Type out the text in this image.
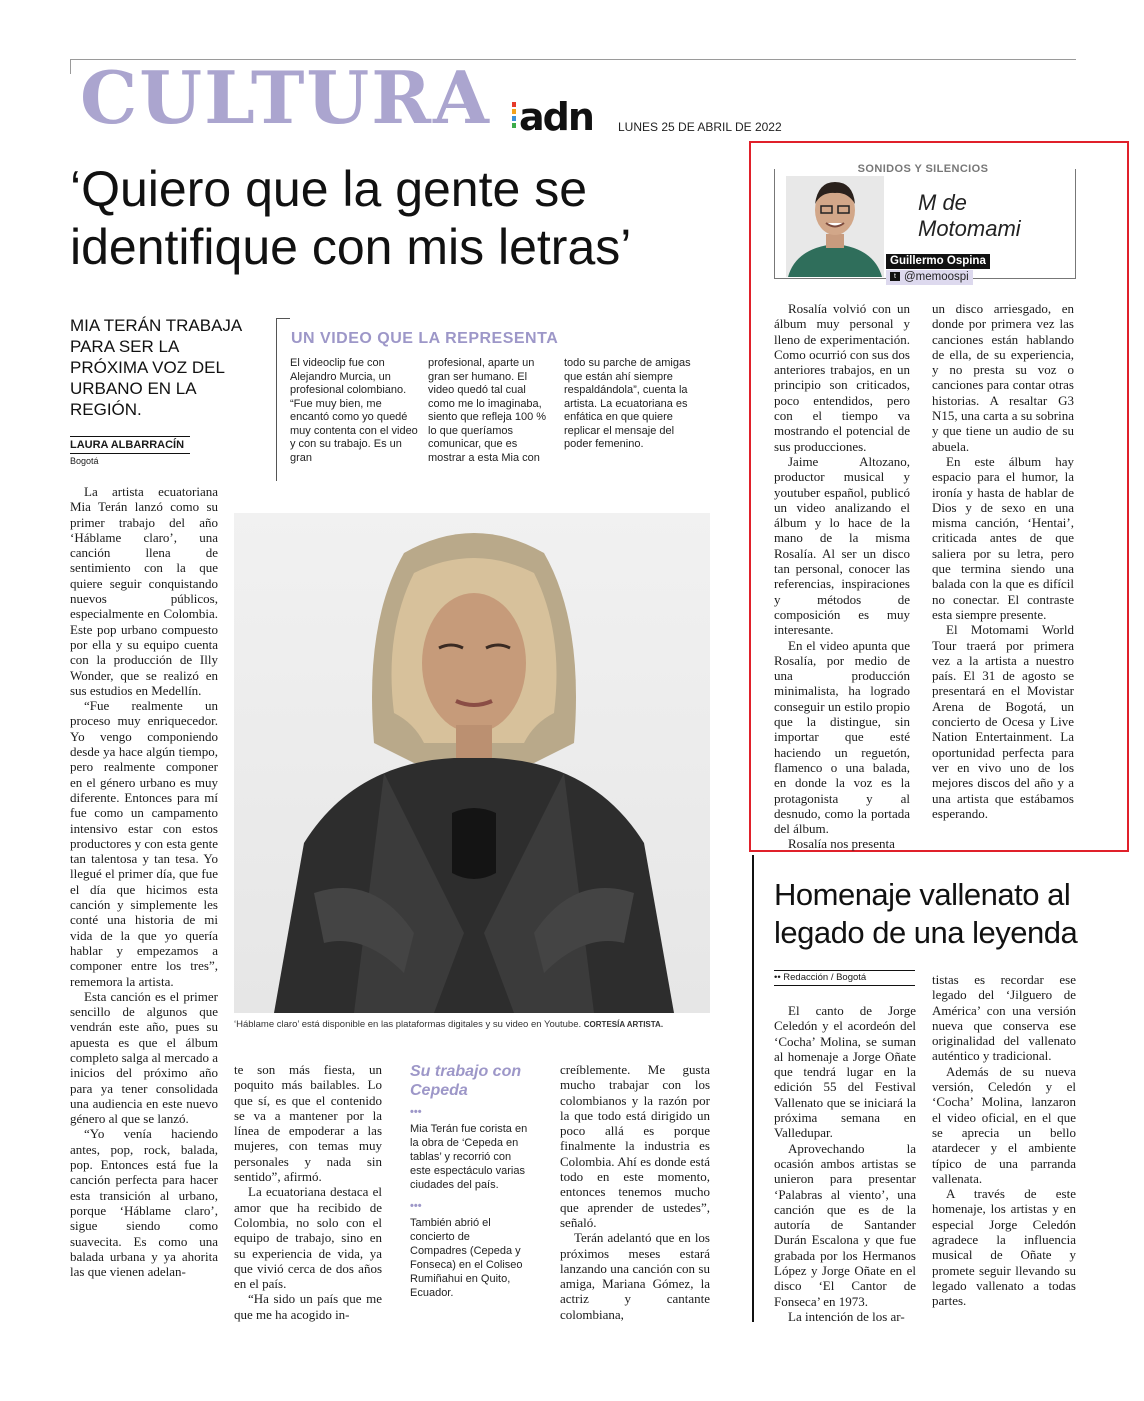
CULTURA adn LUNES 25 DE ABRIL DE 2022
‘Quiero que la gente se identifique con mis letras’
MIA TERÁN TRABAJA PARA SER LA PRÓXIMA VOZ DEL URBANO EN LA REGIÓN.
LAURA ALBARRACÍN
Bogotá
UN VIDEO QUE LA REPRESENTA
El videoclip fue con Alejandro Murcia, un profesional colombiano. “Fue muy bien, me encantó como yo quedé muy contenta con el video y con su trabajo. Es un gran
profesional, aparte un gran ser humano. El video quedó tal cual como me lo imaginaba, siento que refleja 100 % lo que queríamos comunicar, que es mostrar a esta Mia con
todo su parche de amigas que están ahí siempre respaldándola”, cuenta la artista. La ecuatoriana es enfática en que quiere replicar el mensaje del poder femenino.

La artista ecuatoriana Mia Terán lanzó como su primer trabajo del año ‘Háblame claro’, una canción llena de sentimiento con la que quiere seguir conquistando nuevos públicos, especialmente en Colombia. Este pop urbano compuesto por ella y su equipo cuenta con la producción de Illy Wonder, que se realizó en sus estudios en Medellín.

“Fue realmente un proceso muy enriquecedor. Yo vengo componiendo desde ya hace algún tiempo, pero realmente componer en el género urbano es muy diferente. Entonces para mí fue como un campamento intensivo estar con estos productores y con esta gente tan talentosa y tan tesa. Yo llegué el primer día, que fue el día que hicimos esta canción y simplemente les conté una historia de mi vida de la que yo quería hablar y empezamos a componer entre los tres”, rememora la artista.

Esta canción es el primer sencillo de algunos que vendrán este año, pues su apuesta es que el álbum completo salga al mercado a inicios del próximo año para ya tener consolidada una audiencia en este nuevo género al que se lanzó.

“Yo venía haciendo antes, pop, rock, balada, pop. Entonces está fue la canción perfecta para hacer esta transición al urbano, porque ‘Háblame claro’, sigue siendo como suavecita. Es como una balada urbana y ya ahorita las que vienen adelan-

‘Háblame claro’ está disponible en las plataformas digitales y su video en Youtube. CORTESÍA ARTISTA.

te son más fiesta, un poquito más bailables. Lo que sí, es que el contenido se va a mantener por la línea de empoderar a las mujeres, con temas muy personales y nada sin sentido”, afirmó.

La ecuatoriana destaca el amor que ha recibido de Colombia, no solo con el equipo de trabajo, sino en su experiencia de vida, ya que vivió cerca de dos años en el país.

“Ha sido un país que me que me ha acogido in-

Su trabajo con Cepeda
•••
Mia Terán fue corista en la obra de ‘Cepeda en tablas’ y recorrió con este espectáculo varias ciudades del país.
•••
También abrió el concierto de Compadres (Cepeda y Fonseca) en el Coliseo Rumiñahui en Quito, Ecuador.

creíblemente. Me gusta mucho trabajar con los colombianos y la razón por la que todo está dirigido un poco allá es porque finalmente la industria es Colombia. Ahí es donde está todo en este momento, entonces tenemos mucho que aprender de ustedes”, señaló.

Terán adelantó que en los próximos meses estará lanzando una canción con su amiga, Mariana Gómez, la actriz y cantante colombiana,

SONIDOS Y SILENCIOS
M de
Motomami
Guillermo Ospina
t @memoospi

Rosalía volvió con un álbum muy personal y lleno de experimentación. Como ocurrió con sus dos anteriores trabajos, en un principio son criticados, poco entendidos, pero con el tiempo va mostrando el potencial de sus producciones.

Jaime Altozano, productor musical y youtuber español, publicó un video analizando el álbum y lo hace de la mano de la misma Rosalía. Al ser un disco tan personal, conocer las referencias, inspiraciones y métodos de composición es muy interesante.

En el video apunta que Rosalía, por medio de una producción minimalista, ha logrado conseguir un estilo propio que la distingue, sin importar que esté haciendo un reguetón, flamenco o una balada, en donde la voz es la protagonista y al desnudo, como la portada del álbum.

Rosalía nos presenta

un disco arriesgado, en donde por primera vez las canciones están hablando de ella, de su experiencia, y no presta su voz o canciones para contar otras historias. A resaltar G3 N15, una carta a su sobrina y que tiene un audio de su abuela.

En este álbum hay espacio para el humor, la ironía y hasta de hablar de Dios y de sexo en una misma canción, ‘Hentai’, criticada antes de que saliera por su letra, pero que termina siendo una balada con la que es difícil no conectar. El contraste esta siempre presente.

El Motomami World Tour traerá por primera vez a la artista a nuestro país. El 31 de agosto se presentará en el Movistar Arena de Bogotá, un concierto de Ocesa y Live Nation Entertainment. La oportunidad perfecta para ver en vivo uno de los mejores discos del año y a una artista que estábamos esperando.

Homenaje vallenato al legado de una leyenda
•• Redacción / Bogotá

El canto de Jorge Celedón y el acordeón del ‘Cocha’ Molina, se suman al homenaje a Jorge Oñate que tendrá lugar en la edición 55 del Festival Vallenato que se iniciará la próxima semana en Valledupar.

Aprovechando la ocasión ambos artistas se unieron para presentar ‘Palabras al viento’, una canción que es de la autoría de Santander Durán Escalona y que fue grabada por los Hermanos López y Jorge Oñate en el disco ‘El Cantor de Fonseca’ en 1973.

La intención de los ar-

tistas es recordar ese legado del ‘Jilguero de América’ con una versión nueva que conserva ese originalidad del vallenato auténtico y tradicional.

Además de su nueva versión, Celedón y el ‘Cocha’ Molina, lanzaron el video oficial, en el que se aprecia un bello atardecer y el ambiente típico de una parranda vallenata.

A través de este homenaje, los artistas y en especial Jorge Celedón agradece la influencia musical de Oñate y promete seguir llevando su legado vallenato a todas partes.
